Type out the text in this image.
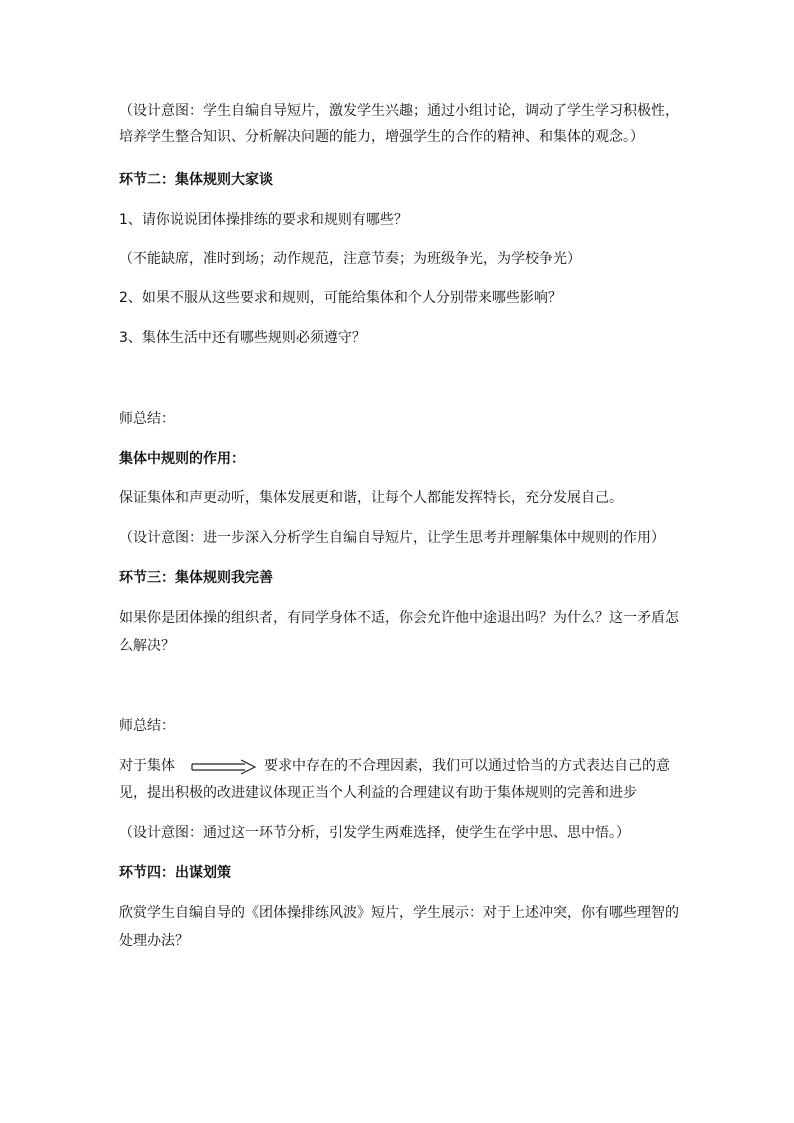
（设计意图：学生自编自导短片，激发学生兴趣；通过小组讨论，调动了学生学习积极性，
培养学生整合知识、分析解决问题的能力，增强学生的合作的精神、和集体的观念。）
环节二：集体规则大家谈
1、请你说说团体操排练的要求和规则有哪些？
（不能缺席，准时到场；动作规范，注意节奏；为班级争光，为学校争光）
2、如果不服从这些要求和规则，可能给集体和个人分别带来哪些影响？
3、集体生活中还有哪些规则必须遵守？
师总结：
集体中规则的作用：
保证集体和声更动听，集体发展更和谐，让每个人都能发挥特长，充分发展自己。
（设计意图：进一步深入分析学生自编自导短片，让学生思考并理解集体中规则的作用）
环节三：集体规则我完善
如果你是团体操的组织者，有同学身体不适，你会允许他中途退出吗？为什么？这一矛盾怎
么解决？
师总结：
对于集体	要求中存在的不合理因素，我们可以通过恰当的方式表达自己的意
见，提出积极的改进建议体现正当个人利益的合理建议有助于集体规则的完善和进步
（设计意图：通过这一环节分析，引发学生两难选择，使学生在学中思、思中悟。）
环节四：出谋划策
欣赏学生自编自导的《团体操排练风波》短片，学生展示：对于上述冲突，你有哪些理智的
处理办法？
